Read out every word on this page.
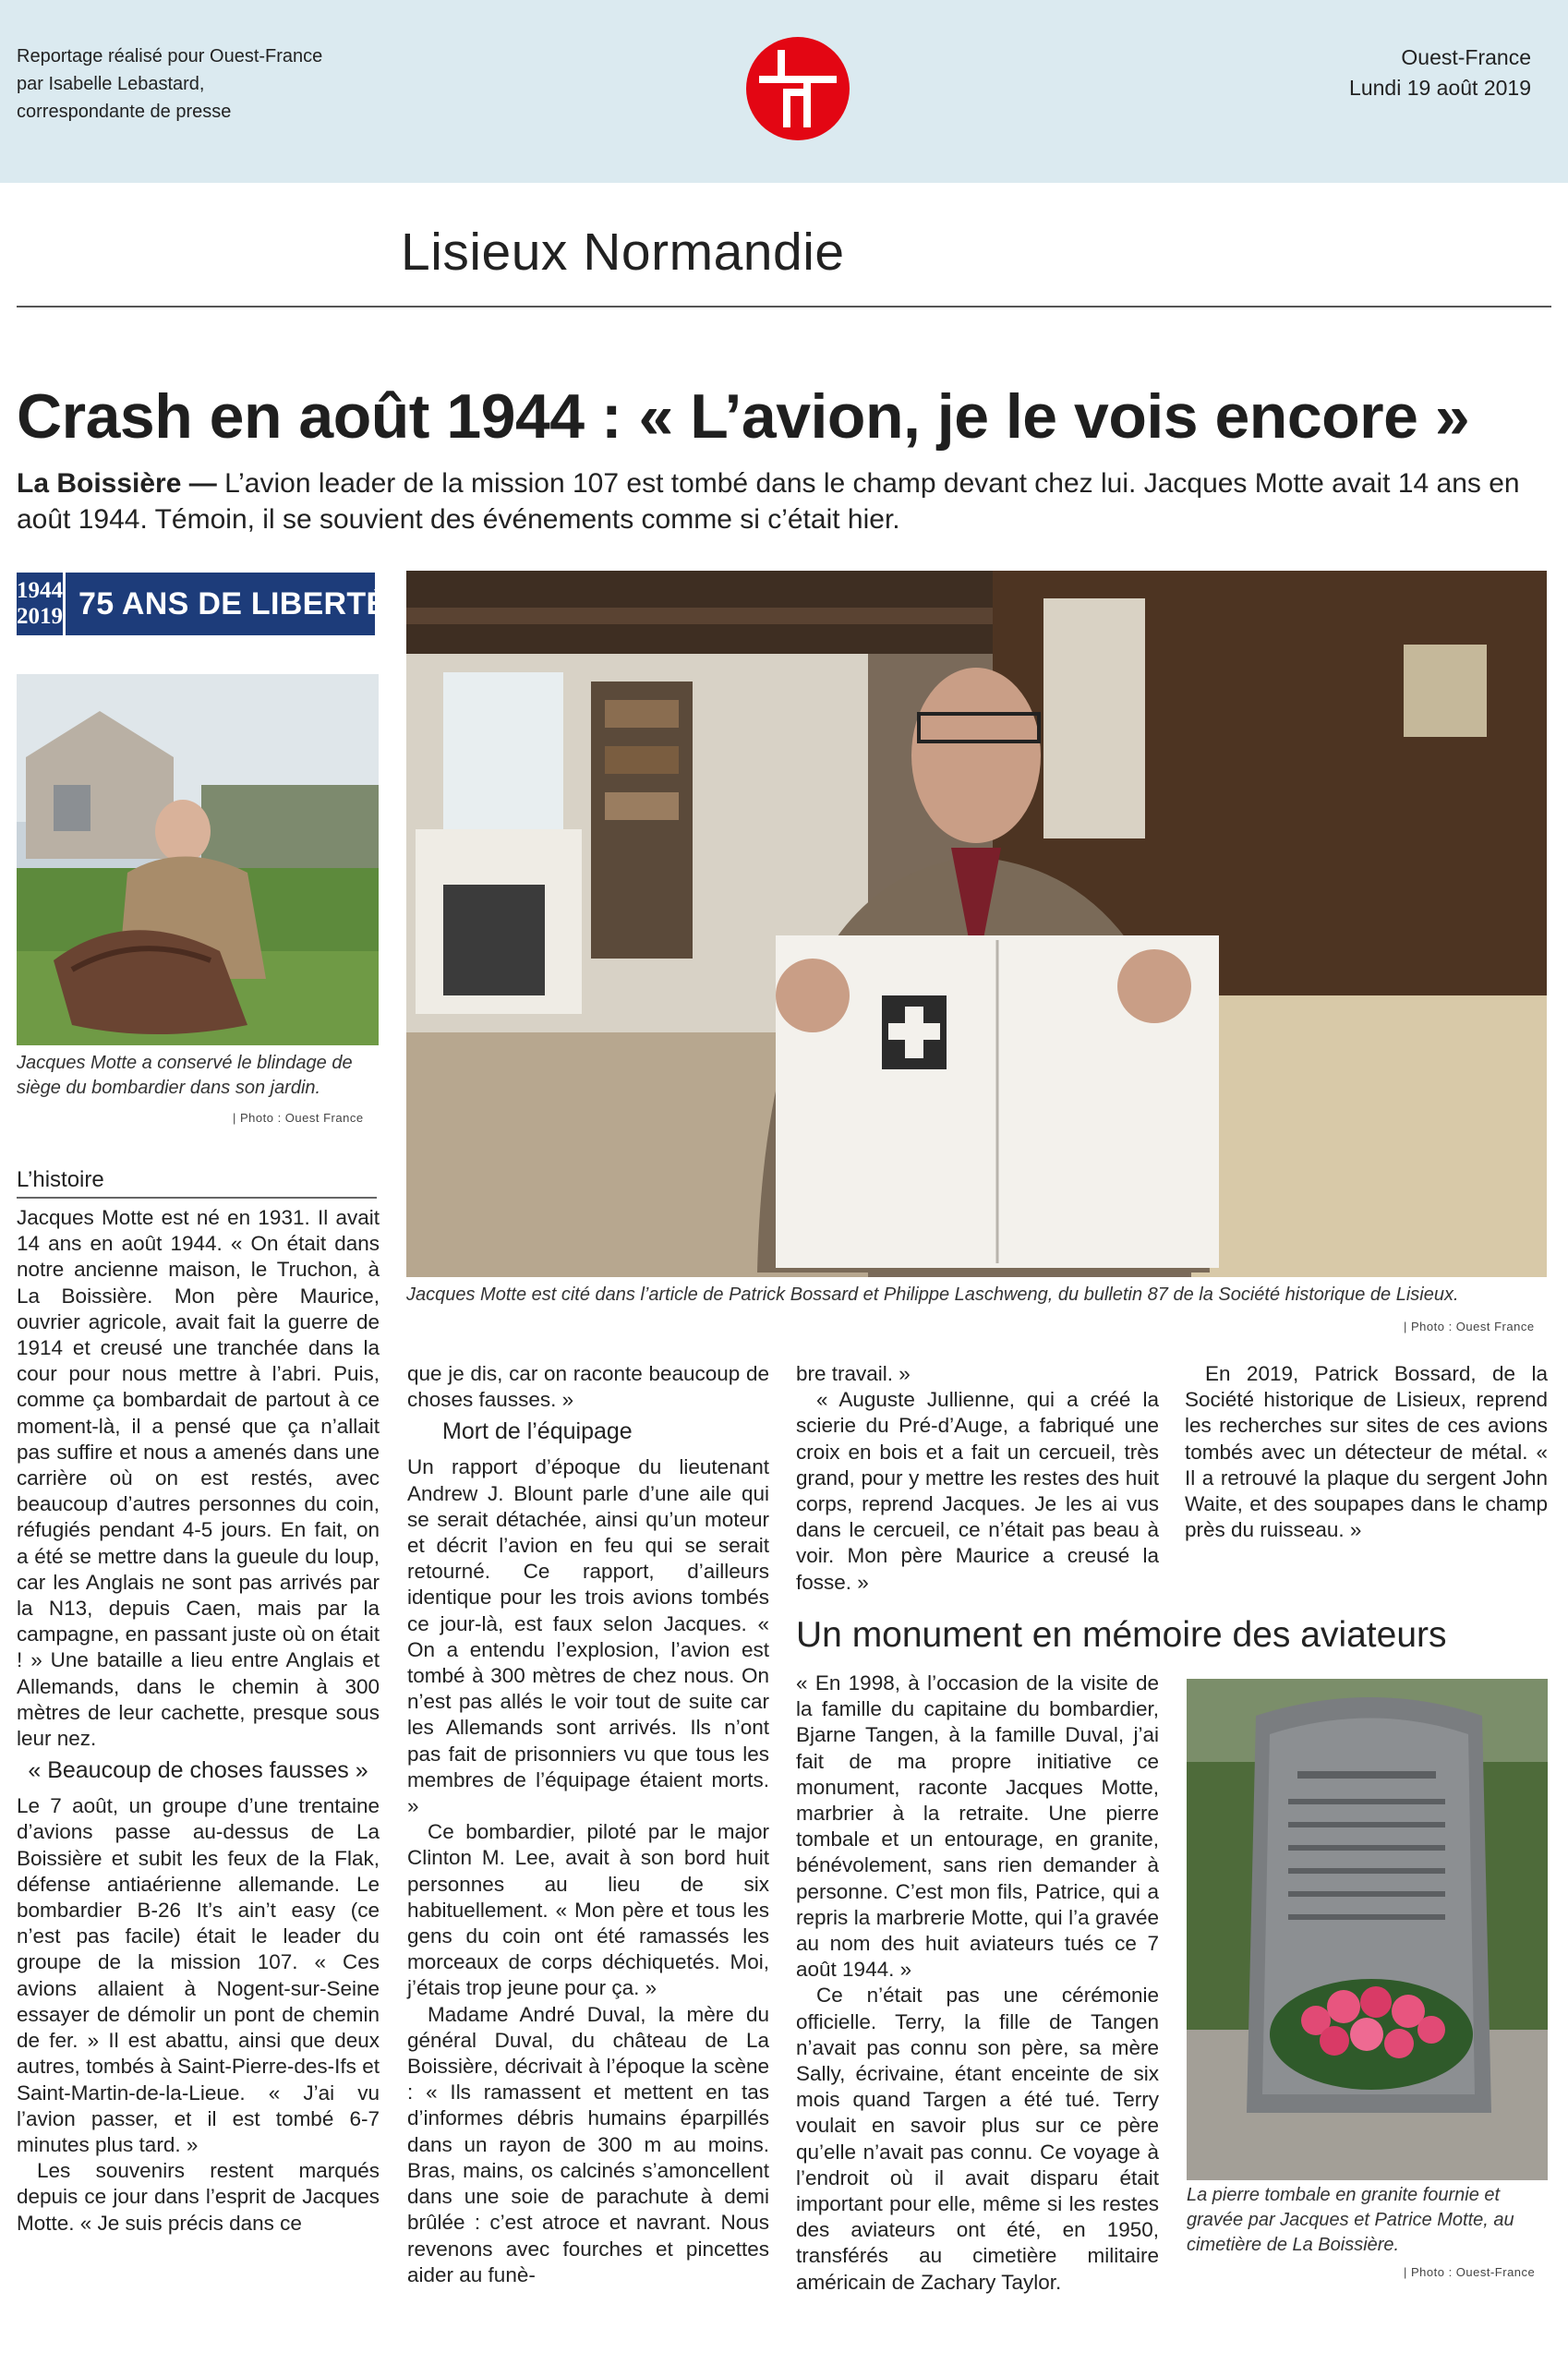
Reportage réalisé pour Ouest-France
par Isabelle Lebastard,
correspondante de presse
Ouest-France
Lundi 19 août 2019
Lisieux Normandie
Crash en août 1944 : « L’avion, je le vois encore »
La Boissière — L’avion leader de la mission 107 est tombé dans le champ devant chez lui. Jacques Motte avait 14 ans en août 1944. Témoin, il se souvient des événements comme si c’était hier.
1944
2019 75 ANS DE LIBERTÉ
Jacques Motte a conservé le blindage de siège du bombardier dans son jardin.
| Photo : Ouest France
Jacques Motte est cité dans l’article de Patrick Bossard et Philippe Laschweng, du bulletin 87 de la Société historique de Lisieux.
| Photo : Ouest France
L’histoire

Jacques Motte est né en 1931. Il avait 14 ans en août 1944. « On était dans notre ancienne maison, le Truchon, à La Boissière. Mon père Maurice, ouvrier agricole, avait fait la guerre de 1914 et creusé une tranchée dans la cour pour nous mettre à l’abri. Puis, comme ça bombardait de partout à ce moment-là, il a pensé que ça n’allait pas suffire et nous a amenés dans une carrière où on est restés, avec beaucoup d’autres personnes du coin, réfugiés pendant 4-5 jours. En fait, on a été se mettre dans la gueule du loup, car les Anglais ne sont pas arrivés par la N13, depuis Caen, mais par la campagne, en passant juste où on était ! » Une bataille a lieu entre Anglais et Allemands, dans le chemin à 300 mètres de leur cachette, presque sous leur nez.

« Beaucoup de choses fausses »

Le 7 août, un groupe d’une trentaine d’avions passe au-dessus de La Boissière et subit les feux de la Flak, défense antiaérienne allemande. Le bombardier B-26 It’s ain’t easy (ce n’est pas facile) était le leader du groupe de la mission 107. « Ces avions allaient à Nogent-sur-Seine essayer de démolir un pont de chemin de fer. » Il est abattu, ainsi que deux autres, tombés à Saint-Pierre-des-Ifs et Saint-Martin-de-la-Lieue. « J’ai vu l’avion passer, et il est tombé 6-7 minutes plus tard. »

Les souvenirs restent marqués depuis ce jour dans l’esprit de Jacques Motte. « Je suis précis dans ce

que je dis, car on raconte beaucoup de choses fausses. »

Mort de l’équipage

Un rapport d’époque du lieutenant Andrew J. Blount parle d’une aile qui se serait détachée, ainsi qu’un moteur et décrit l’avion en feu qui se serait retourné. Ce rapport, d’ailleurs identique pour les trois avions tombés ce jour-là, est faux selon Jacques. « On a entendu l’explosion, l’avion est tombé à 300 mètres de chez nous. On n’est pas allés le voir tout de suite car les Allemands sont arrivés. Ils n’ont pas fait de prisonniers vu que tous les membres de l’équipage étaient morts. »

Ce bombardier, piloté par le major Clinton M. Lee, avait à son bord huit personnes au lieu de six habituellement. « Mon père et tous les gens du coin ont été ramassés les morceaux de corps déchiquetés. Moi, j’étais trop jeune pour ça. »

Madame André Duval, la mère du général Duval, du château de La Boissière, décrivait à l’époque la scène : « Ils ramassent et mettent en tas d’informes débris humains éparpillés dans un rayon de 300 m au moins. Bras, mains, os calcinés s’amoncellent dans une soie de parachute à demi brûlée : c’est atroce et navrant. Nous revenons avec fourches et pincettes aider au funè-

bre travail. »

« Auguste Jullienne, qui a créé la scierie du Pré-d’Auge, a fabriqué une croix en bois et a fait un cercueil, très grand, pour y mettre les restes des huit corps, reprend Jacques. Je les ai vus dans le cercueil, ce n’était pas beau à voir. Mon père Maurice a creusé la fosse. »

En 2019, Patrick Bossard, de la Société historique de Lisieux, reprend les recherches sur sites de ces avions tombés avec un détecteur de métal. « Il a retrouvé la plaque du sergent John Waite, et des soupapes dans le champ près du ruisseau. »

Un monument en mémoire des aviateurs

« En 1998, à l’occasion de la visite de la famille du capitaine du bombardier, Bjarne Tangen, à la famille Duval, j’ai fait de ma propre initiative ce monument, raconte Jacques Motte, marbrier à la retraite. Une pierre tombale et un entourage, en granite, bénévolement, sans rien demander à personne. C’est mon fils, Patrice, qui a repris la marbrerie Motte, qui l’a gravée au nom des huit aviateurs tués ce 7 août 1944. »

Ce n’était pas une cérémonie officielle. Terry, la fille de Tangen n’avait pas connu son père, sa mère Sally, écrivaine, étant enceinte de six mois quand Targen a été tué. Terry voulait en savoir plus sur ce père qu’elle n’avait pas connu. Ce voyage à l’endroit où il avait disparu était important pour elle, même si les restes des aviateurs ont été, en 1950, transférés au cimetière militaire américain de Zachary Taylor.

La pierre tombale en granite fournie et gravée par Jacques et Patrice Motte, au cimetière de La Boissière.
| Photo : Ouest-France
